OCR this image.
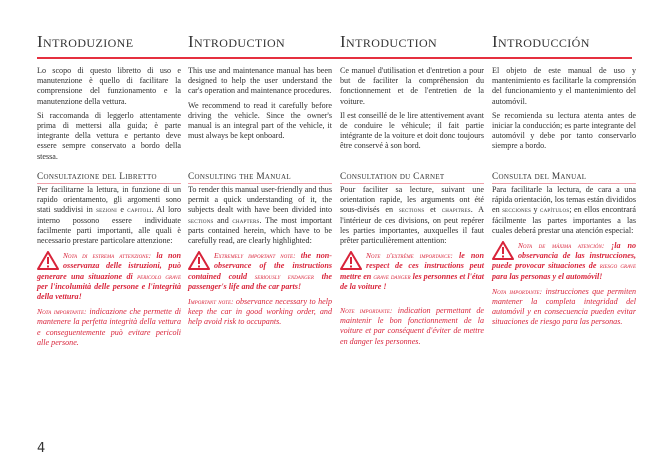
Introduzione

Lo scopo di questo libretto di uso e manutenzione è quello di facilitare la comprensione del funzionamento e la manutenzione della vettura.

Si raccomanda di leggerlo attentamente prima di mettersi alla guida; è parte integrante della vettura e pertanto deve essere sempre conservato a bordo della stessa.

Consultazione del Libretto
Per facilitarne la lettura, in funzione di un rapido orientamento, gli argomenti sono stati suddivisi in sezioni e capitoli. Al loro interno possono essere individuate facilmente parti importanti, alle quali è necessario prestare particolare attenzione:
Nota di estrema attenzione: la non osservanza delle istruzioni, può generare una situazione di pericolo grave per l'incolumità delle persone e l'integrità della vettura!
Nota importante: indicazione che permette di mantenere la perfetta integrità della vettura e conseguentemente può evitare pericoli alle persone.
Introduction

This use and maintenance manual has been designed to help the user understand the car's operation and maintenance procedures.

We recommend to read it carefully before driving the vehicle. Since the owner's manual is an integral part of the vehicle, it must always be kept onboard.

Consulting the Manual
To render this manual user-friendly and thus permit a quick understanding of it, the subjects dealt with have been divided into sections and chapters. The most important parts contained herein, which have to be carefully read, are clearly highlighted:
Extremely important note: the non-observance of the instructions contained could seriously endanger the passenger's life and the car parts!
Important note: observance necessary to help keep the car in good working order, and help avoid risk to occupants.
Introduction

Ce manuel d'utilisation et d'entretion a pour but de faciliter la compréhension du fonctionnement et de l'entretien de la voiture.

Il est conseillé de le lire attentivement avant de conduire le véhicule; il fait partie intégrante de la voiture et doit donc toujours être conservé à son bord.

Consultation du Carnet
Pour faciliter sa lecture, suivant une orientation rapide, les arguments ont été sous-divisés en sections et chapitres. A l'intérieur de ces divisions, on peut repérer les parties importantes, auxquelles il faut prêter particulièrement attention:
Note d'extrême importance: le non respect de ces instructions peut mettre en grave danger les personnes et l'état de la voiture !
Note importante: indication permettant de maintenir le bon fonctionnement de la voiture et par conséquent d'éviter de mettre en danger les personnes.
Introducción

El objeto de este manual de uso y mantenimiento es facilitarle la comprensión del funcionamiento y el mantenimiento del automóvil.

Se recomienda su lectura atenta antes de iniciar la conducción; es parte integrante del automóvil y debe por tanto conservarlo siempre a bordo.

Consulta del Manual
Para facilitarle la lectura, de cara a una rápida orientación, los temas están divididos en secciones y capítulos; en ellos encontrará fácilmente las partes importantes a las cuales deberá prestar una atención especial:
Nota de máxima atención: ¡la no observancia de las instrucciones, puede provocar situaciones de riesgo grave para las personas y el automóvil!
Nota importante: instrucciones que permiten mantener la completa integridad del automóvil y en consecuencia pueden evitar situaciones de riesgo para las personas.
4
